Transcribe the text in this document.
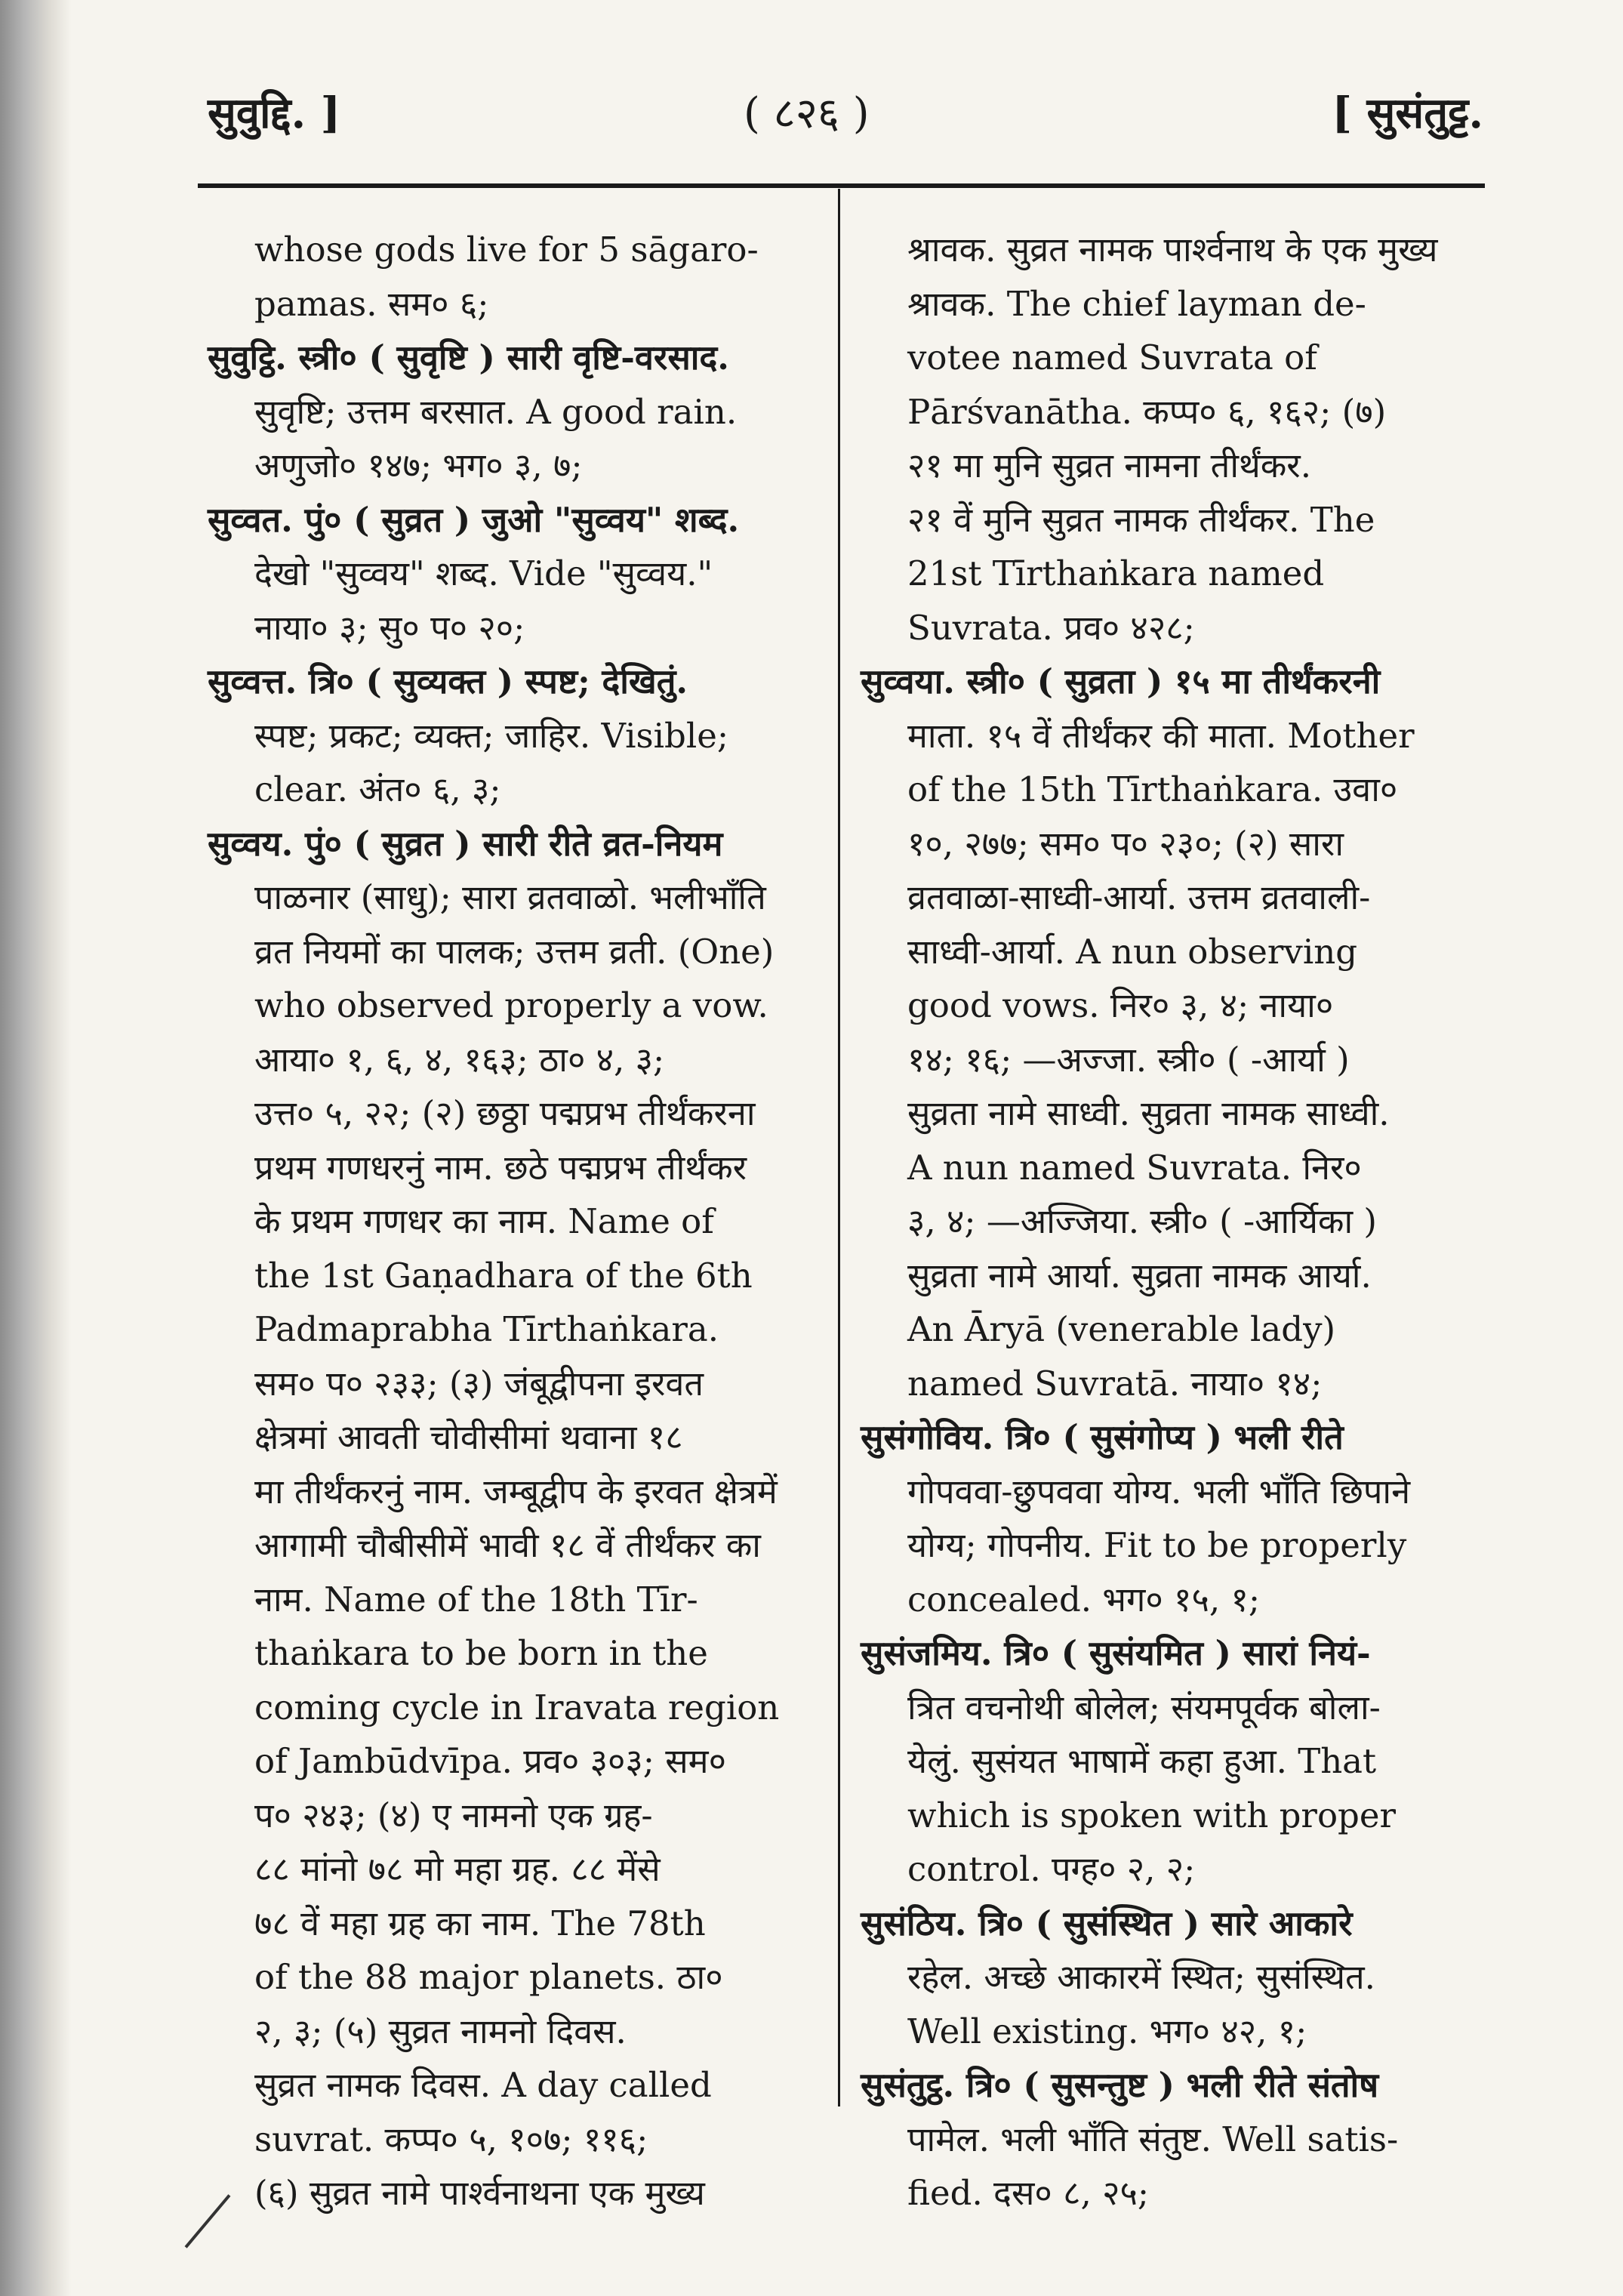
सुवुद्दि. ]	( ८२६ )	[ सुसंतुट्ट.
whose gods live for 5 sāgaro-
pamas. सम० ६;
सुवुट्ठि. स्त्री० ( सुवृष्टि ) सारी वृष्टि-वरसाद.
सुवृष्टि; उत्तम बरसात. A good rain.
अणुजो० १४७; भग० ३, ७;
सुव्वत. पुं० ( सुव्रत ) जुओ "सुव्वय" शब्द.
देखो "सुव्वय" शब्द. Vide "सुव्वय."
नाया० ३; सु० प० २०;
सुव्वत्त. त्रि० ( सुव्यक्त ) स्पष्ट; देखितुं.
स्पष्ट; प्रकट; व्यक्त; जाहिर. Visible;
clear. अंत० ६, ३;
सुव्वय. पुं० ( सुव्रत ) सारी रीते व्रत-नियम
पाळनार (साधु); सारा व्रतवाळो. भलीभाँति
व्रत नियमों का पालक; उत्तम व्रती. (One)
who observed properly a vow.
आया० १, ६, ४, १६३; ठा० ४, ३;
उत्त० ५, २२; (२) छठ्ठा पद्मप्रभ तीर्थंकरना
प्रथम गणधरनुं नाम. छठे पद्मप्रभ तीर्थंकर
के प्रथम गणधर का नाम. Name of
the 1st Gaṇadhara of the 6th
Padmaprabha Tīrthaṅkara.
सम० प० २३३; (३) जंबूद्वीपना इरवत
क्षेत्रमां आवती चोवीसीमां थवाना १८
मा तीर्थंकरनुं नाम. जम्बूद्वीप के इरवत क्षेत्रमें
आगामी चौबीसीमें भावी १८ वें तीर्थंकर का
नाम. Name of the 18th Tīr-
thaṅkara to be born in the
coming cycle in Iravata region
of Jambūdvīpa. प्रव० ३०३; सम०
प० २४३; (४) ए नामनो एक ग्रह-
८८ मांनो ७८ मो महा ग्रह. ८८ मेंसे
७८ वें महा ग्रह का नाम. The 78th
of the 88 major planets. ठा०
२, ३; (५) सुव्रत नामनो दिवस.
सुव्रत नामक दिवस. A day called
suvrat. कप्प० ५, १०७; ११६;
(६) सुव्रत नामे पार्श्वनाथना एक मुख्य
श्रावक. सुव्रत नामक पार्श्वनाथ के एक मुख्य
श्रावक. The chief layman de-
votee named Suvrata of
Pārśvanātha. कप्प० ६, १६२; (७)
२१ मा मुनि सुव्रत नामना तीर्थंकर.
२१ वें मुनि सुव्रत नामक तीर्थंकर. The
21st Tīrthaṅkara named
Suvrata. प्रव० ४२८;
सुव्वया. स्त्री० ( सुव्रता ) १५ मा तीर्थंकरनी
माता. १५ वें तीर्थंकर की माता. Mother
of the 15th Tīrthaṅkara. उवा०
१०, २७७; सम० प० २३०; (२) सारा
व्रतवाळा-साध्वी-आर्या. उत्तम व्रतवाली-
साध्वी-आर्या. A nun observing
good vows. निर० ३, ४; नाया०
१४; १६; —अज्जा. स्त्री० ( -आर्या )
सुव्रता नामे साध्वी. सुव्रता नामक साध्वी.
A nun named Suvrata. निर०
३, ४; —अज्जिया. स्त्री० ( -आर्यिका )
सुव्रता नामे आर्या. सुव्रता नामक आर्या.
An Āryā (venerable lady)
named Suvratā. नाया० १४;
सुसंगोविय. त्रि० ( सुसंगोप्य ) भली रीते
गोपववा-छुपववा योग्य. भली भाँति छिपाने
योग्य; गोपनीय. Fit to be properly
concealed. भग० १५, १;
सुसंजमिय. त्रि० ( सुसंयमित ) सारां नियं-
त्रित वचनोथी बोलेल; संयमपूर्वक बोला-
येलुं. सुसंयत भाषामें कहा हुआ. That
which is spoken with proper
control. पग्ह० २, २;
सुसंठिय. त्रि० ( सुसंस्थित ) सारे आकारे
रहेल. अच्छे आकारमें स्थित; सुसंस्थित.
Well existing. भग० ४२, १;
सुसंतुट्ठ. त्रि० ( सुसन्तुष्ट ) भली रीते संतोष
पामेल. भली भाँति संतुष्ट. Well satis-
fied. दस० ८, २५;
